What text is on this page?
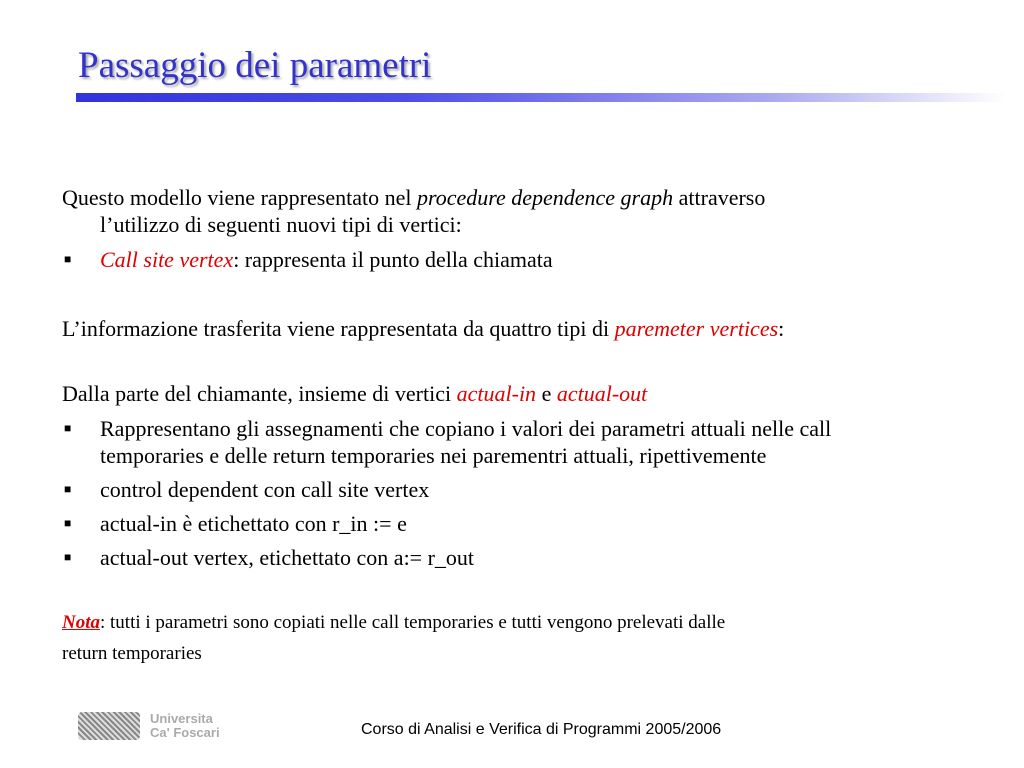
Passaggio dei parametri
Questo modello viene rappresentato nel procedure dependence graph attraverso
l’utilizzo di seguenti nuovi tipi di vertici:
■ Call site vertex: rappresenta il punto della chiamata
L’informazione trasferita viene rappresentata da quattro tipi di paremeter vertices:
Dalla parte del chiamante, insieme di vertici actual-in e actual-out
■ Rappresentano gli assegnamenti che copiano i valori dei parametri attuali nelle call
temporaries e delle return temporaries nei parementri attuali, ripettivemente
■ control dependent con call site vertex
■ actual-in è etichettato con r_in := e
■ actual-out vertex, etichettato con a:= r_out
Nota: tutti i parametri sono copiati nelle call temporaries e tutti vengono prelevati dalle
return temporaries
Universita
Ca' Foscari	Corso di Analisi e Verifica di Programmi 2005/2006
